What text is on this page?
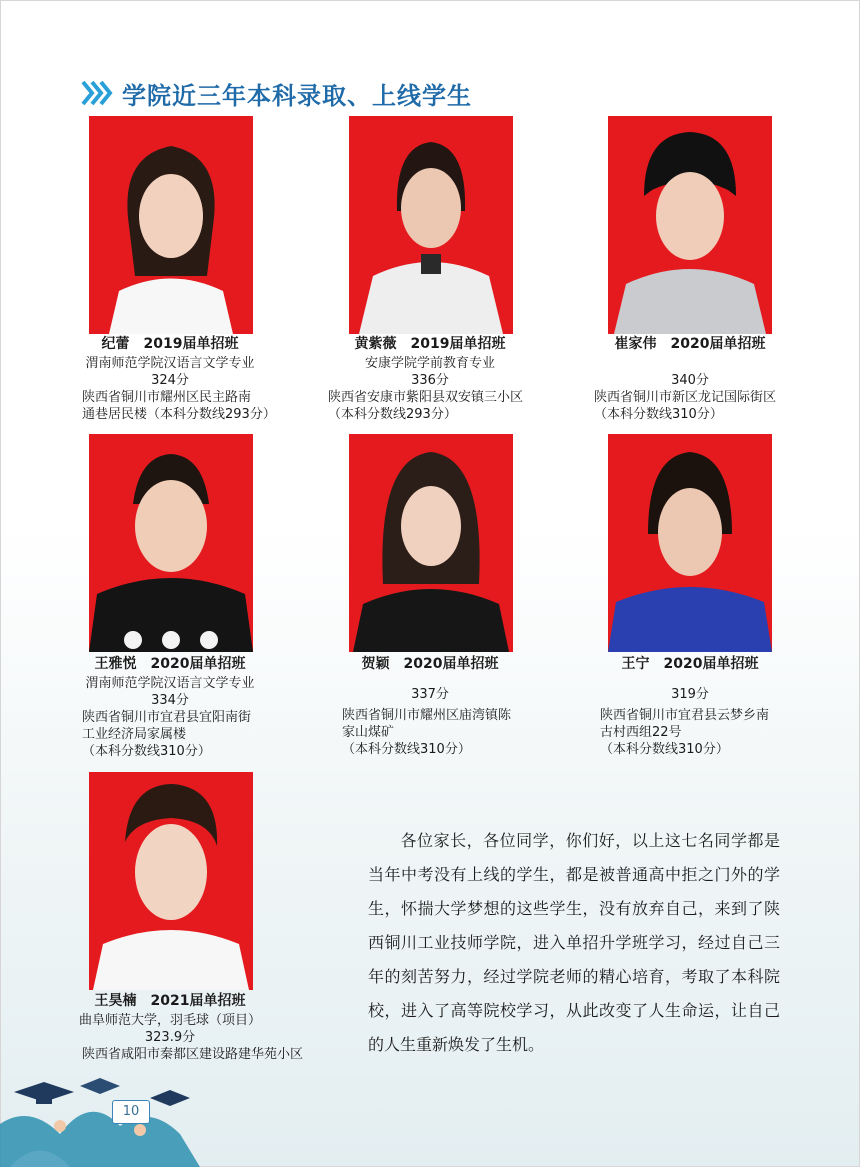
学院近三年本科录取、上线学生
纪蕾 2019届单招班
渭南师范学院汉语言文学专业
324分
陕西省铜川市耀州区民主路南
通巷居民楼（本科分数线293分）
黄紫薇 2019届单招班
安康学院学前教育专业
336分
陕西省安康市紫阳县双安镇三小区
（本科分数线293分）
崔家伟 2020届单招班
340分
陕西省铜川市新区龙记国际街区
（本科分数线310分）
王雅悦 2020届单招班
渭南师范学院汉语言文学专业
334分
陕西省铜川市宜君县宜阳南街
工业经济局家属楼
（本科分数线310分）
贺颖 2020届单招班
337分
陕西省铜川市耀州区庙湾镇陈
家山煤矿
（本科分数线310分）
王宁 2020届单招班
319分
陕西省铜川市宜君县云梦乡南
古村西组22号
（本科分数线310分）
王昊楠 2021届单招班
曲阜师范大学，羽毛球（项目）
323.9分
陕西省咸阳市秦都区建设路建华苑小区
各位家长，各位同学，你们好，以上这七名同学都是当年中考没有上线的学生，都是被普通高中拒之门外的学生，怀揣大学梦想的这些学生，没有放弃自己，来到了陕西铜川工业技师学院，进入单招升学班学习，经过自己三年的刻苦努力，经过学院老师的精心培育，考取了本科院校，进入了高等院校学习，从此改变了人生命运，让自己的人生重新焕发了生机。
10
